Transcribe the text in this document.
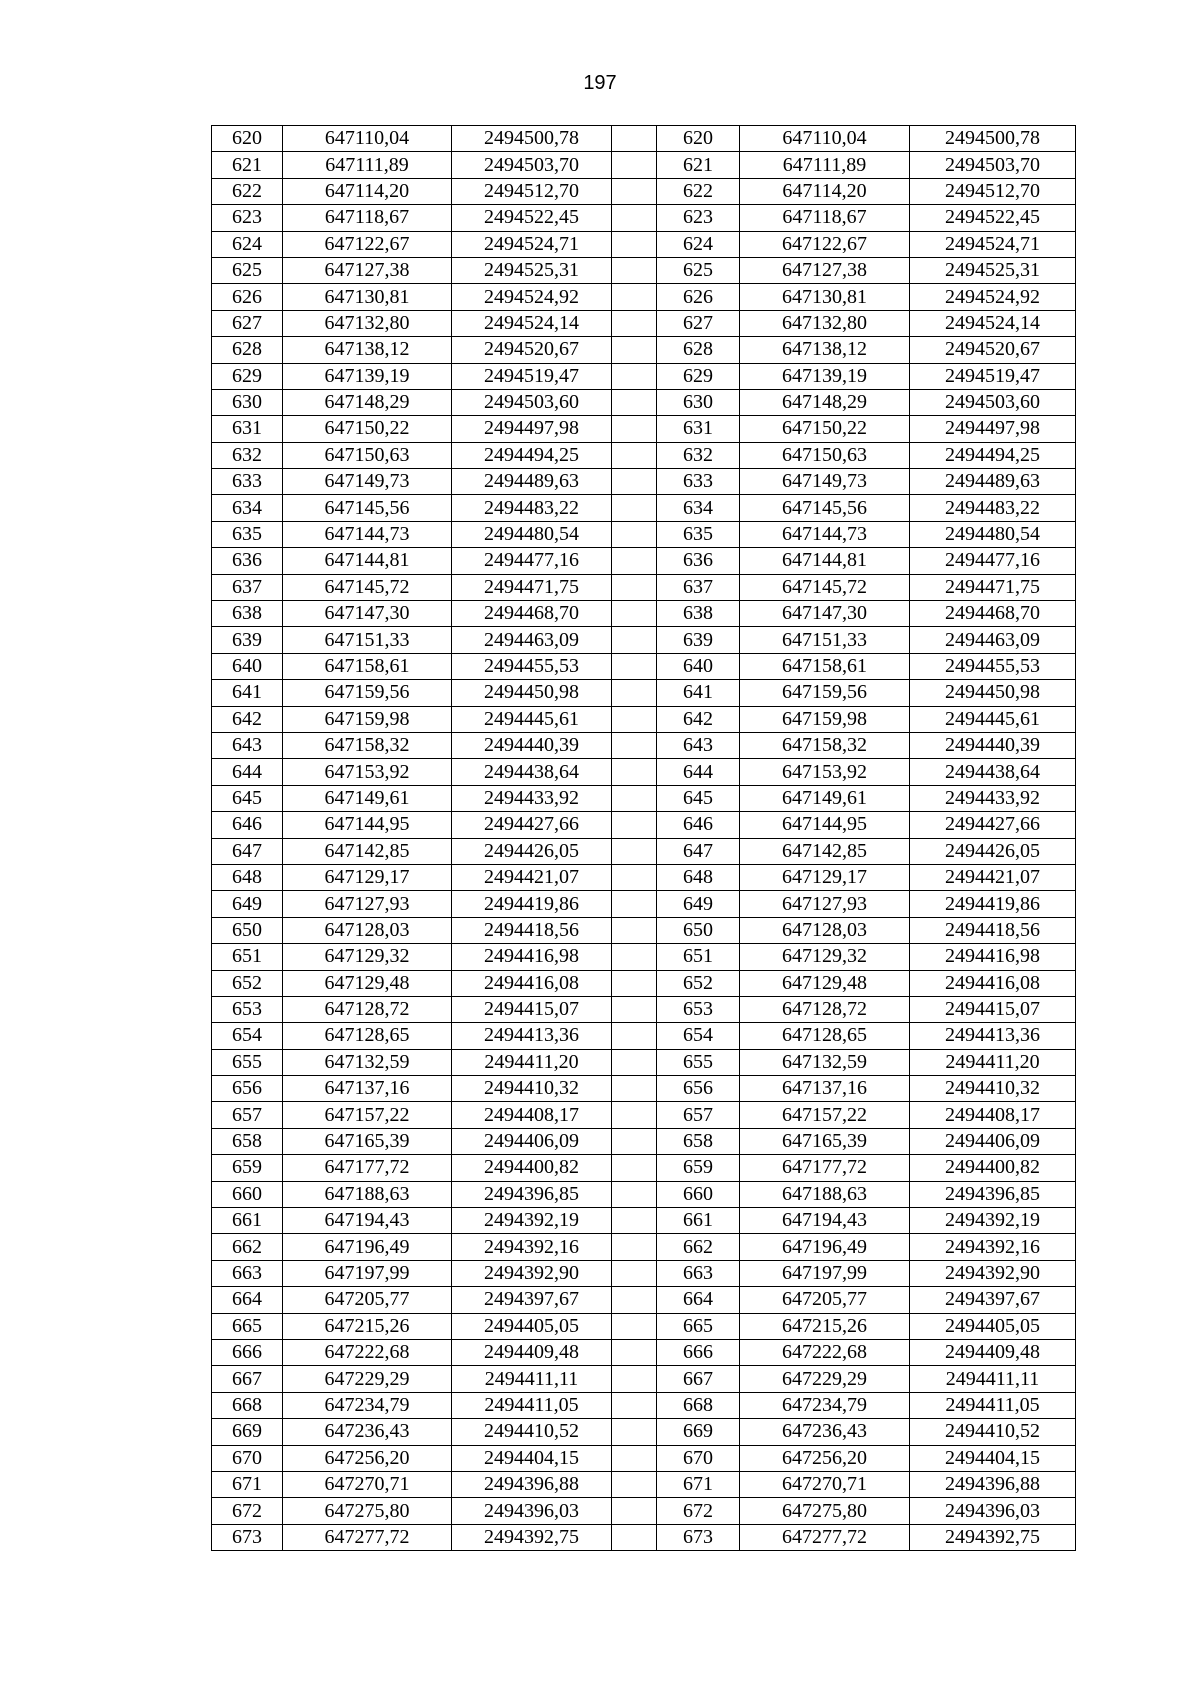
197
620	647110,04	2494500,78		620	647110,04	2494500,78
621	647111,89	2494503,70		621	647111,89	2494503,70
622	647114,20	2494512,70		622	647114,20	2494512,70
623	647118,67	2494522,45		623	647118,67	2494522,45
624	647122,67	2494524,71		624	647122,67	2494524,71
625	647127,38	2494525,31		625	647127,38	2494525,31
626	647130,81	2494524,92		626	647130,81	2494524,92
627	647132,80	2494524,14		627	647132,80	2494524,14
628	647138,12	2494520,67		628	647138,12	2494520,67
629	647139,19	2494519,47		629	647139,19	2494519,47
630	647148,29	2494503,60		630	647148,29	2494503,60
631	647150,22	2494497,98		631	647150,22	2494497,98
632	647150,63	2494494,25		632	647150,63	2494494,25
633	647149,73	2494489,63		633	647149,73	2494489,63
634	647145,56	2494483,22		634	647145,56	2494483,22
635	647144,73	2494480,54		635	647144,73	2494480,54
636	647144,81	2494477,16		636	647144,81	2494477,16
637	647145,72	2494471,75		637	647145,72	2494471,75
638	647147,30	2494468,70		638	647147,30	2494468,70
639	647151,33	2494463,09		639	647151,33	2494463,09
640	647158,61	2494455,53		640	647158,61	2494455,53
641	647159,56	2494450,98		641	647159,56	2494450,98
642	647159,98	2494445,61		642	647159,98	2494445,61
643	647158,32	2494440,39		643	647158,32	2494440,39
644	647153,92	2494438,64		644	647153,92	2494438,64
645	647149,61	2494433,92		645	647149,61	2494433,92
646	647144,95	2494427,66		646	647144,95	2494427,66
647	647142,85	2494426,05		647	647142,85	2494426,05
648	647129,17	2494421,07		648	647129,17	2494421,07
649	647127,93	2494419,86		649	647127,93	2494419,86
650	647128,03	2494418,56		650	647128,03	2494418,56
651	647129,32	2494416,98		651	647129,32	2494416,98
652	647129,48	2494416,08		652	647129,48	2494416,08
653	647128,72	2494415,07		653	647128,72	2494415,07
654	647128,65	2494413,36		654	647128,65	2494413,36
655	647132,59	2494411,20		655	647132,59	2494411,20
656	647137,16	2494410,32		656	647137,16	2494410,32
657	647157,22	2494408,17		657	647157,22	2494408,17
658	647165,39	2494406,09		658	647165,39	2494406,09
659	647177,72	2494400,82		659	647177,72	2494400,82
660	647188,63	2494396,85		660	647188,63	2494396,85
661	647194,43	2494392,19		661	647194,43	2494392,19
662	647196,49	2494392,16		662	647196,49	2494392,16
663	647197,99	2494392,90		663	647197,99	2494392,90
664	647205,77	2494397,67		664	647205,77	2494397,67
665	647215,26	2494405,05		665	647215,26	2494405,05
666	647222,68	2494409,48		666	647222,68	2494409,48
667	647229,29	2494411,11		667	647229,29	2494411,11
668	647234,79	2494411,05		668	647234,79	2494411,05
669	647236,43	2494410,52		669	647236,43	2494410,52
670	647256,20	2494404,15		670	647256,20	2494404,15
671	647270,71	2494396,88		671	647270,71	2494396,88
672	647275,80	2494396,03		672	647275,80	2494396,03
673	647277,72	2494392,75		673	647277,72	2494392,75
